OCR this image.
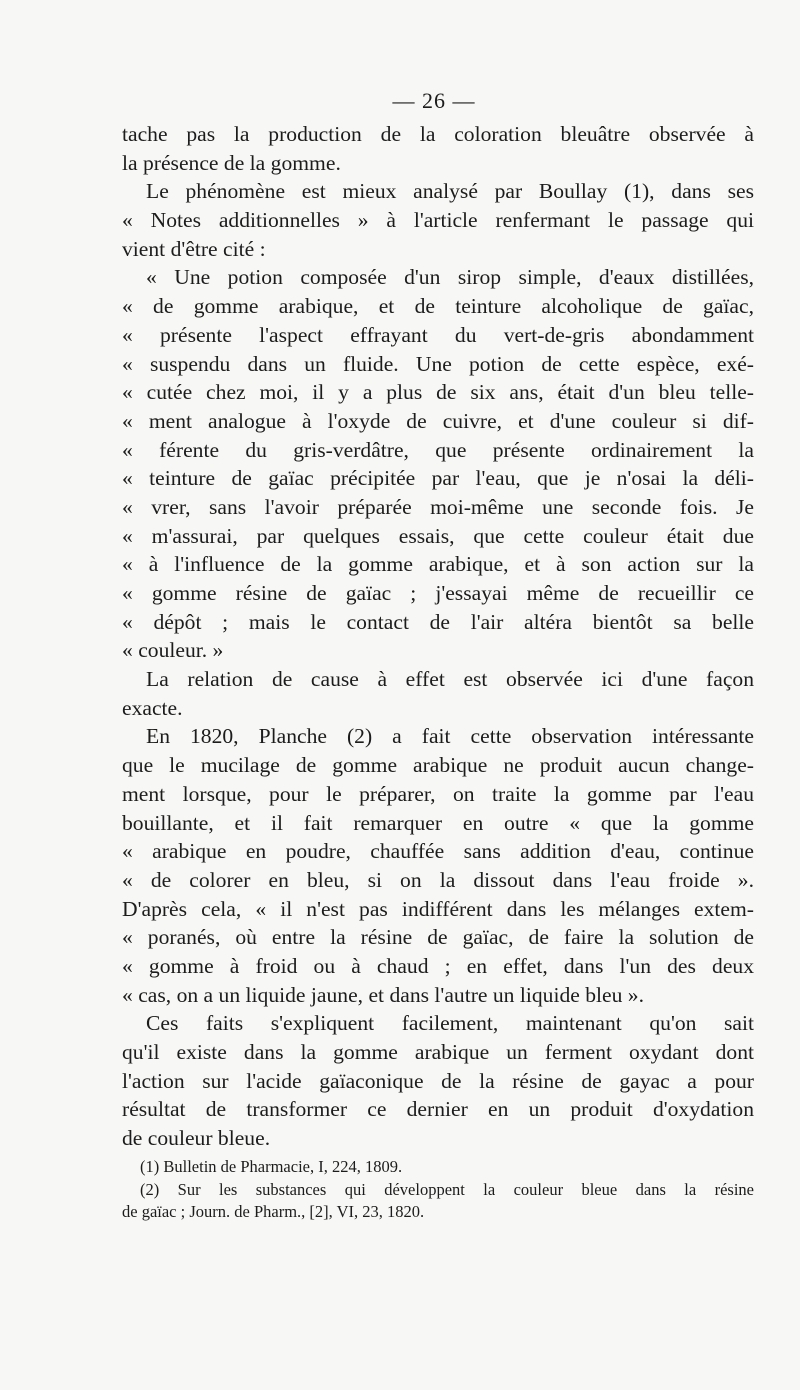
— 26 —
tache pas la production de la coloration bleuâtre observée à
la présence de la gomme.
Le phénomène est mieux analysé par Boullay (1), dans ses
« Notes additionnelles » à l'article renfermant le passage qui
vient d'être cité :
« Une potion composée d'un sirop simple, d'eaux distillées,
« de gomme arabique, et de teinture alcoholique de gaïac,
« présente l'aspect effrayant du vert-de-gris abondamment
« suspendu dans un fluide. Une potion de cette espèce, exé-
« cutée chez moi, il y a plus de six ans, était d'un bleu telle-
« ment analogue à l'oxyde de cuivre, et d'une couleur si dif-
« férente du gris-verdâtre, que présente ordinairement la
« teinture de gaïac précipitée par l'eau, que je n'osai la déli-
« vrer, sans l'avoir préparée moi-même une seconde fois. Je
« m'assurai, par quelques essais, que cette couleur était due
« à l'influence de la gomme arabique, et à son action sur la
« gomme résine de gaïac ; j'essayai même de recueillir ce
« dépôt ; mais le contact de l'air altéra bientôt sa belle
« couleur. »
La relation de cause à effet est observée ici d'une façon
exacte.
En 1820, Planche (2) a fait cette observation intéressante
que le mucilage de gomme arabique ne produit aucun change-
ment lorsque, pour le préparer, on traite la gomme par l'eau
bouillante, et il fait remarquer en outre « que la gomme
« arabique en poudre, chauffée sans addition d'eau, continue
« de colorer en bleu, si on la dissout dans l'eau froide ».
D'après cela, « il n'est pas indifférent dans les mélanges extem-
« poranés, où entre la résine de gaïac, de faire la solution de
« gomme à froid ou à chaud ; en effet, dans l'un des deux
« cas, on a un liquide jaune, et dans l'autre un liquide bleu ».
Ces faits s'expliquent facilement, maintenant qu'on sait
qu'il existe dans la gomme arabique un ferment oxydant dont
l'action sur l'acide gaïaconique de la résine de gayac a pour
résultat de transformer ce dernier en un produit d'oxydation
de couleur bleue.
(1) Bulletin de Pharmacie, I, 224, 1809.
(2) Sur les substances qui développent la couleur bleue dans la résine
de gaïac ; Journ. de Pharm., [2], VI, 23, 1820.
